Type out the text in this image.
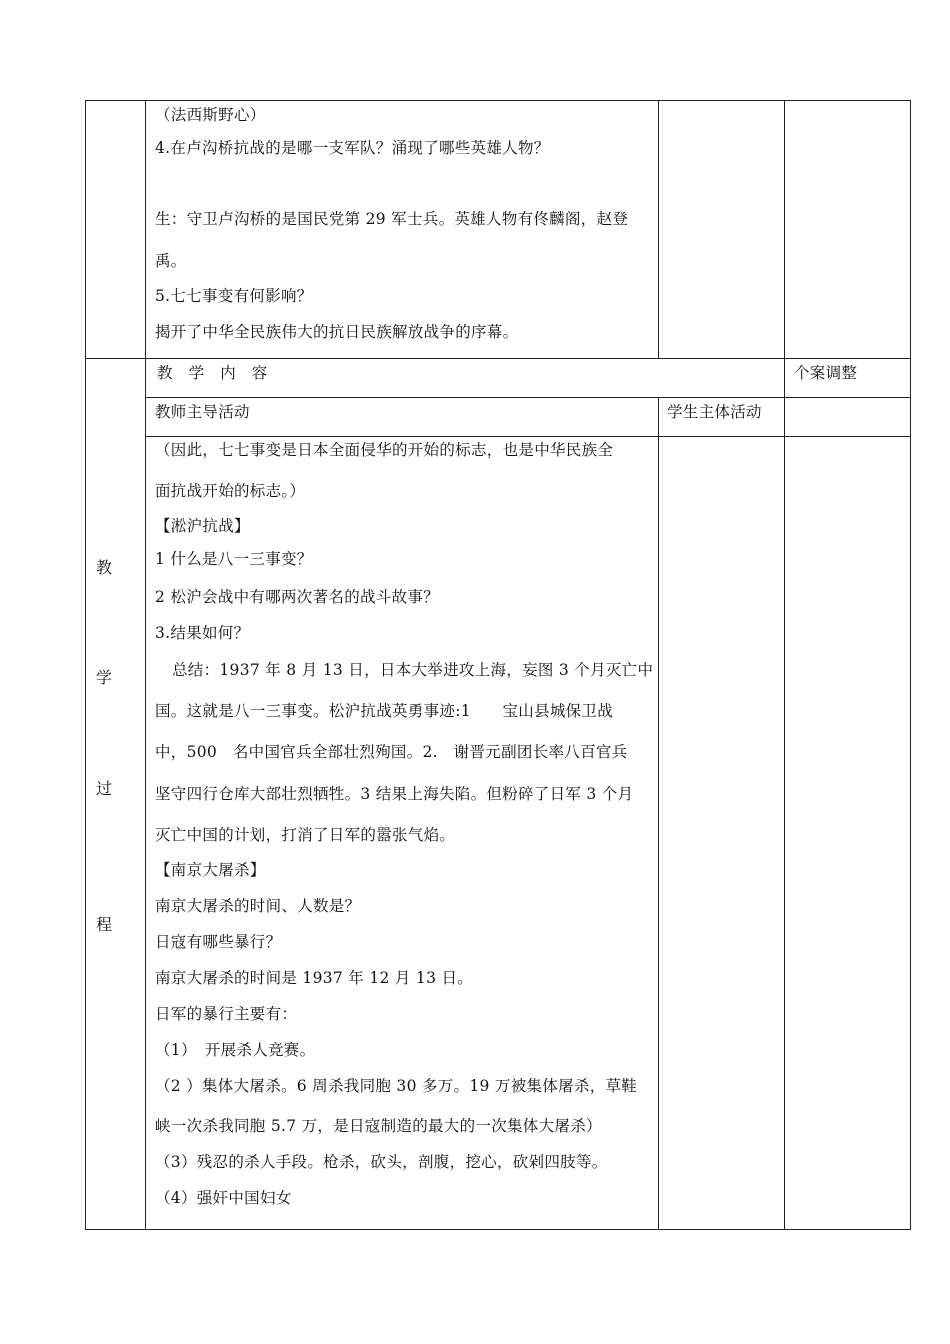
（法西斯野心）
4.在卢沟桥抗战的是哪一支军队？涌现了哪些英雄人物？
生：守卫卢沟桥的是国民党第 29 军士兵。英雄人物有佟麟阁，赵登
禹。
5.七七事变有何影响？
揭开了中华全民族伟大的抗日民族解放战争的序幕。
教　学　内　容	个案调整
教师主导活动	学生主体活动
教
学
过
程
（因此，七七事变是日本全面侵华的开始的标志，也是中华民族全
面抗战开始的标志。）
【淞沪抗战】
1 什么是八一三事变？
2 松沪会战中有哪两次著名的战斗故事？
3.结果如何？
总结：1937 年 8 月 13 日，日本大举进攻上海，妄图 3 个月灭亡中
国。这就是八一三事变。松沪抗战英勇事迹:1　　宝山县城保卫战
中，500　名中国官兵全部壮烈殉国。2.　谢晋元副团长率八百官兵
坚守四行仓库大部壮烈牺牲。3 结果上海失陷。但粉碎了日军 3 个月
灭亡中国的计划，打消了日军的嚣张气焰。
【南京大屠杀】
南京大屠杀的时间、人数是？
日寇有哪些暴行？
南京大屠杀的时间是 1937 年 12 月 13 日。
日军的暴行主要有：
（1）　开展杀人竞赛。
（2 ）集体大屠杀。6 周杀我同胞 30 多万。19 万被集体屠杀，草鞋
峡一次杀我同胞 5.7 万，是日寇制造的最大的一次集体大屠杀）
（3）残忍的杀人手段。枪杀，砍头，剖腹，挖心，砍剁四肢等。
（4）强奸中国妇女
